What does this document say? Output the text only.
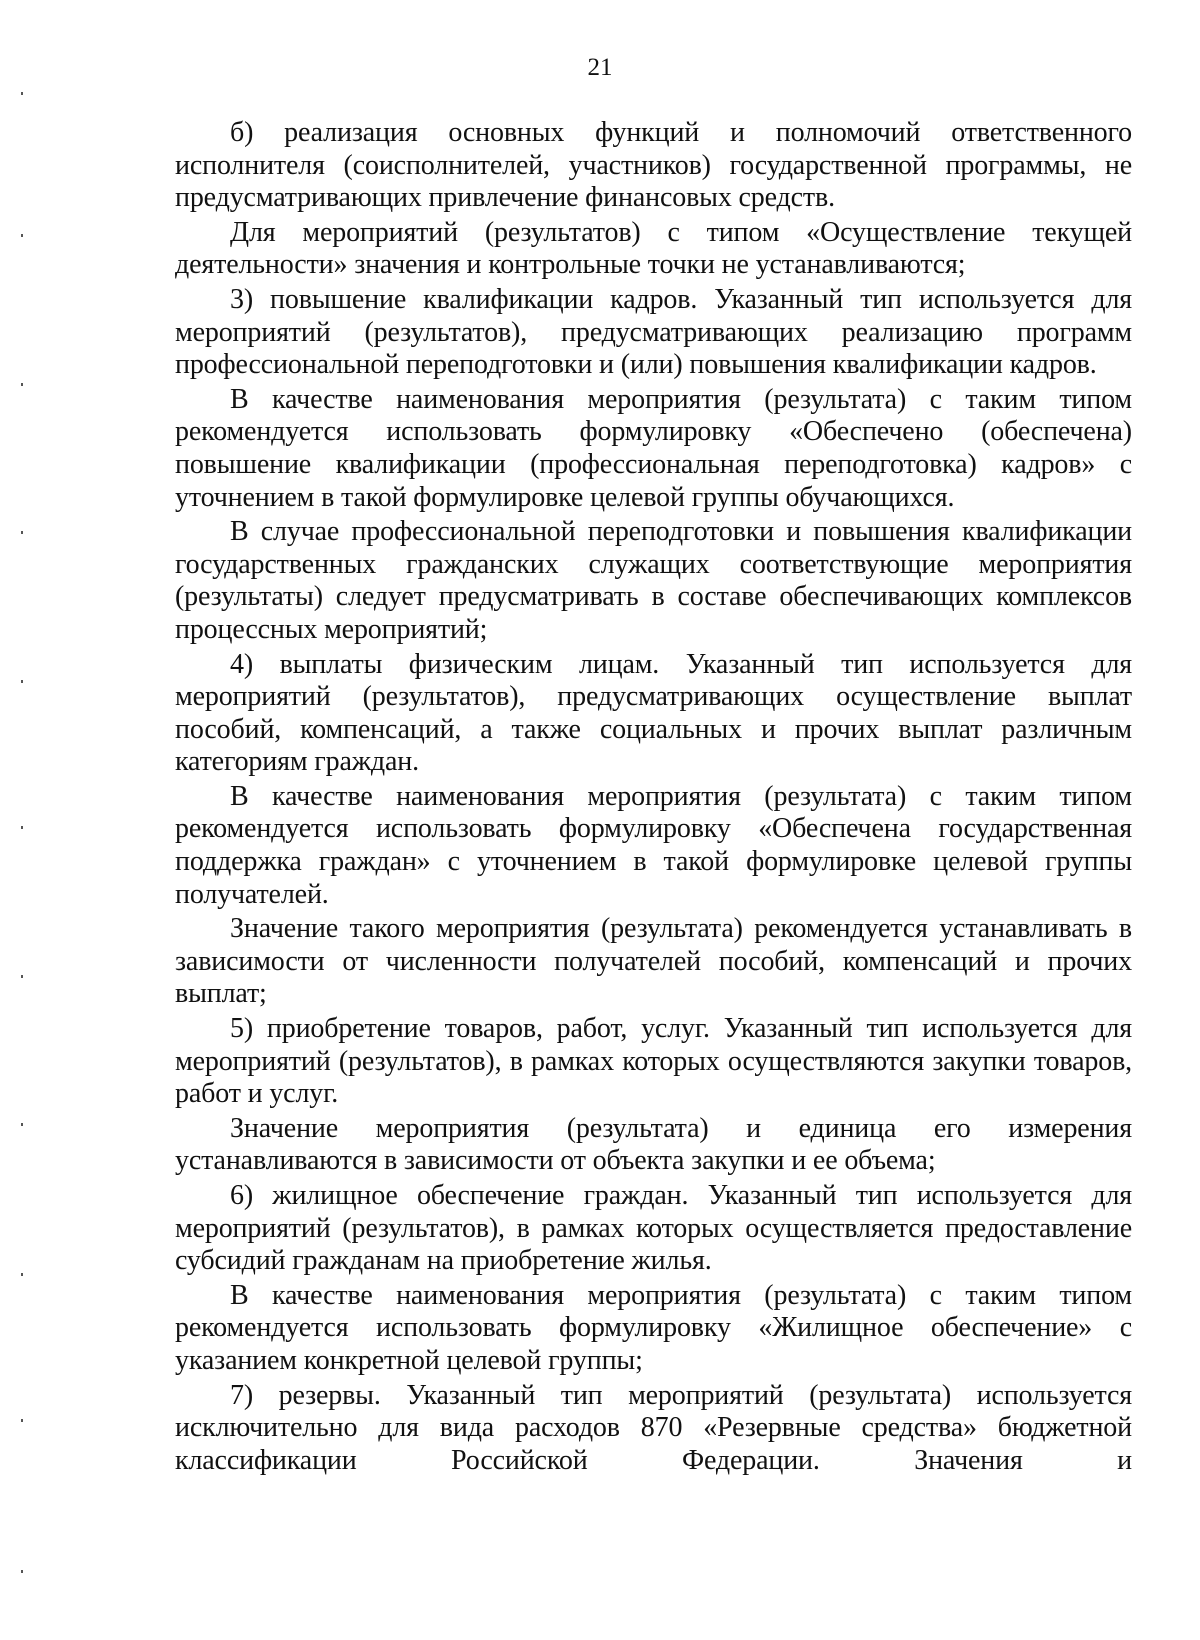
21

б) реализация основных функций и полномочий ответственного исполнителя (соисполнителей, участников) государственной программы, не предусматривающих привлечение финансовых средств.

Для мероприятий (результатов) с типом «Осуществление текущей деятельности» значения и контрольные точки не устанавливаются;

3) повышение квалификации кадров. Указанный тип используется для мероприятий (результатов), предусматривающих реализацию программ профессиональной переподготовки и (или) повышения квалификации кадров.

В качестве наименования мероприятия (результата) с таким типом рекомендуется использовать формулировку «Обеспечено (обеспечена) повышение квалификации (профессиональная переподготовка) кадров» с уточнением в такой формулировке целевой группы обучающихся.

В случае профессиональной переподготовки и повышения квалификации государственных гражданских служащих соответствующие мероприятия (результаты) следует предусматривать в составе обеспечивающих комплексов процессных мероприятий;

4) выплаты физическим лицам. Указанный тип используется для мероприятий (результатов), предусматривающих осуществление выплат пособий, компенсаций, а также социальных и прочих выплат различным категориям граждан.

В качестве наименования мероприятия (результата) с таким типом рекомендуется использовать формулировку «Обеспечена государственная поддержка граждан» с уточнением в такой формулировке целевой группы получателей.

Значение такого мероприятия (результата) рекомендуется устанавливать в зависимости от численности получателей пособий, компенсаций и прочих выплат;

5) приобретение товаров, работ, услуг. Указанный тип используется для мероприятий (результатов), в рамках которых осуществляются закупки товаров, работ и услуг.

Значение мероприятия (результата) и единица его измерения устанавливаются в зависимости от объекта закупки и ее объема;

6) жилищное обеспечение граждан. Указанный тип используется для мероприятий (результатов), в рамках которых осуществляется предоставление субсидий гражданам на приобретение жилья.

В качестве наименования мероприятия (результата) с таким типом рекомендуется использовать формулировку «Жилищное обеспечение» с указанием конкретной целевой группы;

7) резервы. Указанный тип мероприятий (результата) используется исключительно для вида расходов 870 «Резервные средства» бюджетной классификации Российской Федерации. Значения и
